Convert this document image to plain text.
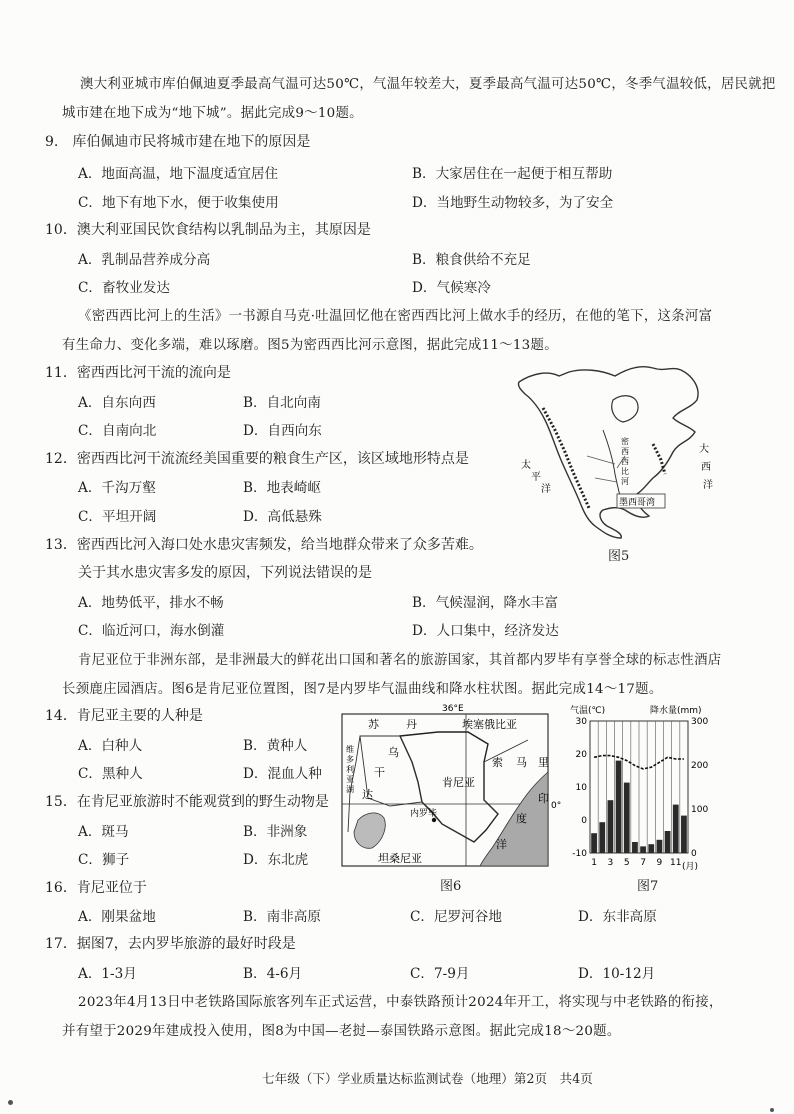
澳大利亚城市库伯佩迪夏季最高气温可达50℃，气温年较差大，夏季最高气温可达50℃，冬季气温较低，居民就把
城市建在地下成为“地下城”。据此完成9～10题。
9.　库伯佩迪市民将城市建在地下的原因是
A．地面高温，地下温度适宜居住	B．大家居住在一起便于相互帮助
C．地下有地下水，便于收集使用	D．当地野生动物较多，为了安全
10．澳大利亚国民饮食结构以乳制品为主，其原因是
A．乳制品营养成分高	B．粮食供给不充足
C．畜牧业发达	D．气候寒冷
《密西西比河上的生活》一书源自马克·吐温回忆他在密西西比河上做水手的经历，在他的笔下，这条河富
有生命力、变化多端，难以琢磨。图5为密西西比河示意图，据此完成11～13题。
11．密西西比河干流的流向是
A．自东向西	B．自北向南
C．自南向北	D．自西向东
12．密西西比河干流流经美国重要的粮食生产区，该区域地形特点是
A．千沟万壑	B．地表崎岖
C．平坦开阔	D．高低悬殊
13．密西西比河入海口处水患灾害频发，给当地群众带来了众多苦难。
关于其水患灾害多发的原因，下列说法错误的是
A．地势低平，排水不畅	B．气候湿润，降水丰富
C．临近河口，海水倒灌	D．人口集中，经济发达
太
平
洋
大
西
洋
密
西
西
比
河
墨西哥湾
图5
肯尼亚位于非洲东部，是非洲最大的鲜花出口国和著名的旅游国家，其首都内罗毕有享誉全球的标志性酒店
长颈鹿庄园酒店。图6是肯尼亚位置图，图7是内罗毕气温曲线和降水柱状图。据此完成14～17题。
14．肯尼亚主要的人种是
A．白种人	B．黄种人
C．黑种人	D．混血人种
15．在肯尼亚旅游时不能观赏到的野生动物是
A．斑马	B．非洲象
C．狮子	D．东北虎
36°E
0°
苏 丹	埃塞俄比亚
乌
干
达
肯尼亚
索 马 里
内罗毕
坦桑尼亚
维
多
利
亚
湖
印
度
洋
图6
气温(℃)	降水量(mm)
30
20
10
0
-10
300
200
100
0
1 3 5 7 9 11 (月)
图7
16．肯尼亚位于
A．刚果盆地	B．南非高原	C．尼罗河谷地	D．东非高原
17．据图7，去内罗毕旅游的最好时段是
A．1-3月	B．4-6月	C．7-9月	D．10-12月
2023年4月13日中老铁路国际旅客列车正式运营，中泰铁路预计2024年开工，将实现与中老铁路的衔接，
并有望于2029年建成投入使用，图8为中国—老挝—泰国铁路示意图。据此完成18～20题。
七年级（下）学业质量达标监测试卷（地理）第2页　共4页
